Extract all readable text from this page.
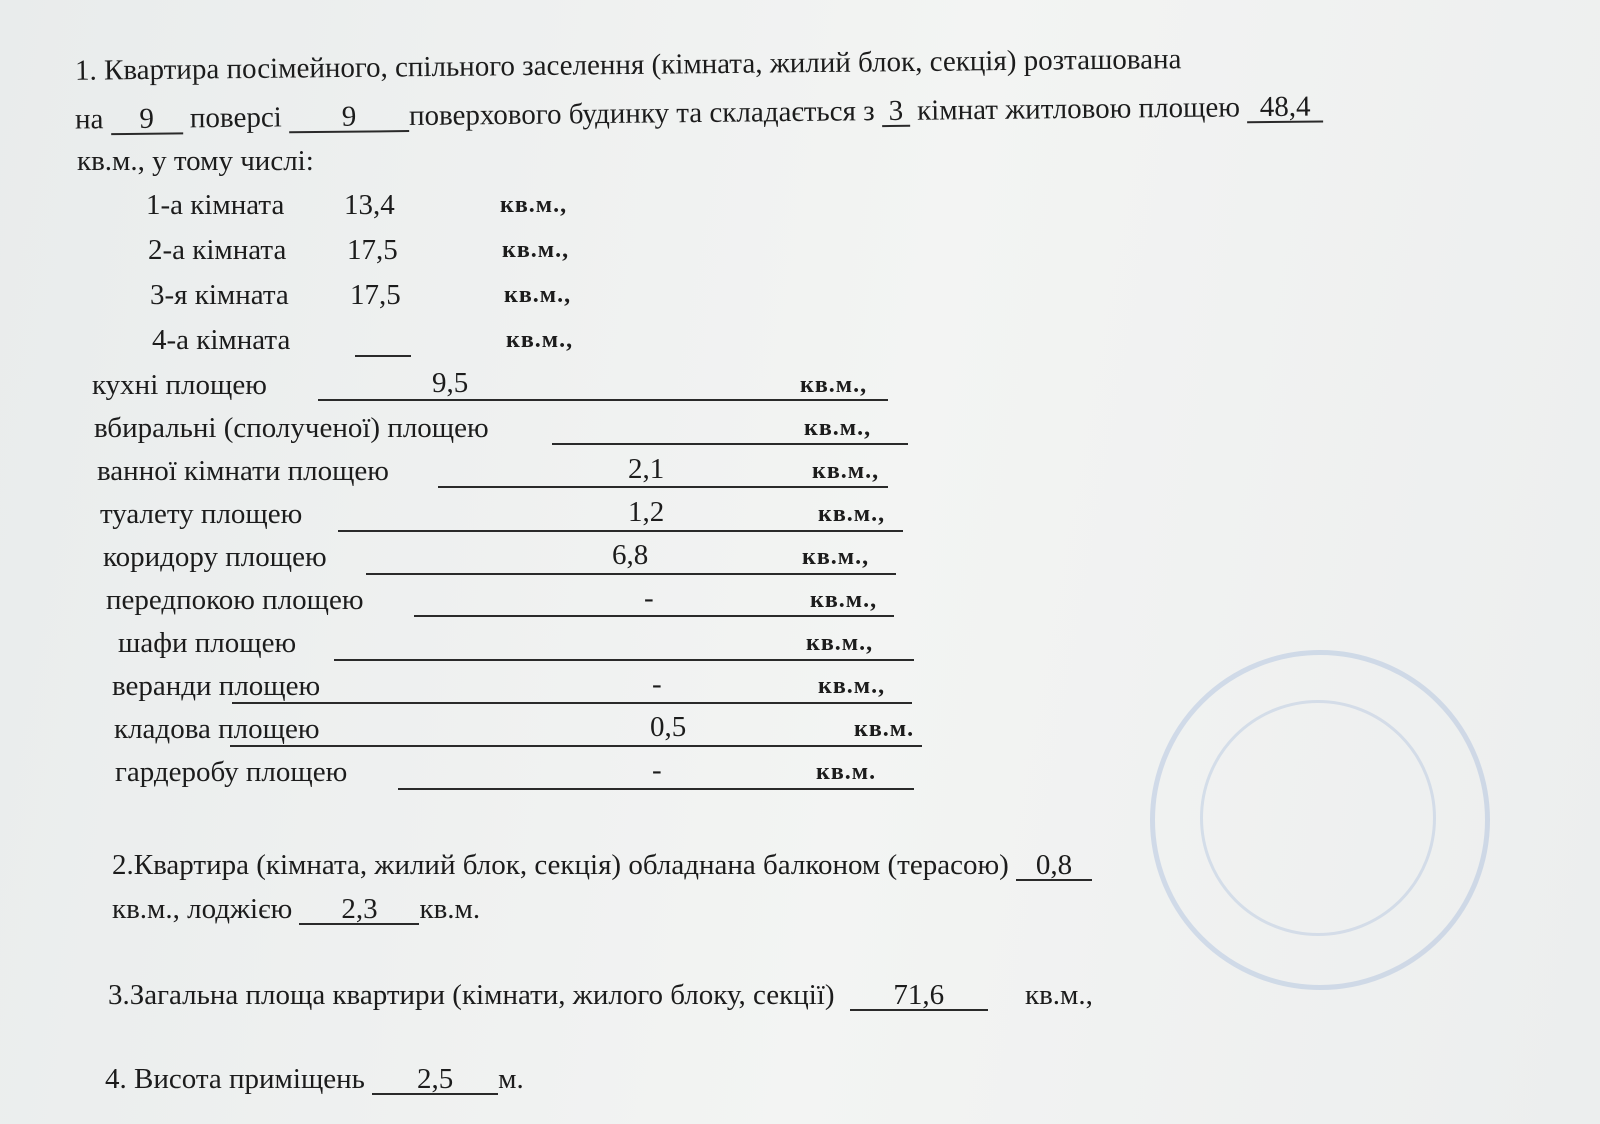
1. Квартира посімейного, спільного заселення (кімната, жилий блок, секція) розташована
на 9 поверсі 9 поверхового будинку та складається з 3 кімнат житловою площею 48,4
кв.м., у тому числі:
1-а кімната 13,4	кв.м.,
2-а кімната 17,5	кв.м.,
3-я кімната 17,5	кв.м.,
4-а кімната	кв.м.,
кухні площею	9,5	кв.м.,
вбиральні (сполученої) площею	кв.м.,
ванної кімнати площею	2,1	кв.м.,
туалету площею	1,2	кв.м.,
коридору площею	6,8	кв.м.,
передпокою площею	-	кв.м.,
шафи площею	кв.м.,
веранди площею	-	кв.м.,
кладова площею	0,5	кв.м.
гардеробу площею	-	кв.м.
2.Квартира (кімната, жилий блок, секція) обладнана балконом (терасою) 0,8
кв.м., лоджією 2,3 кв.м.
3.Загальна площа квартири (кімнати, жилого блоку, секції) 71,6	кв.м.,
4. Висота приміщень 2,5 м.
